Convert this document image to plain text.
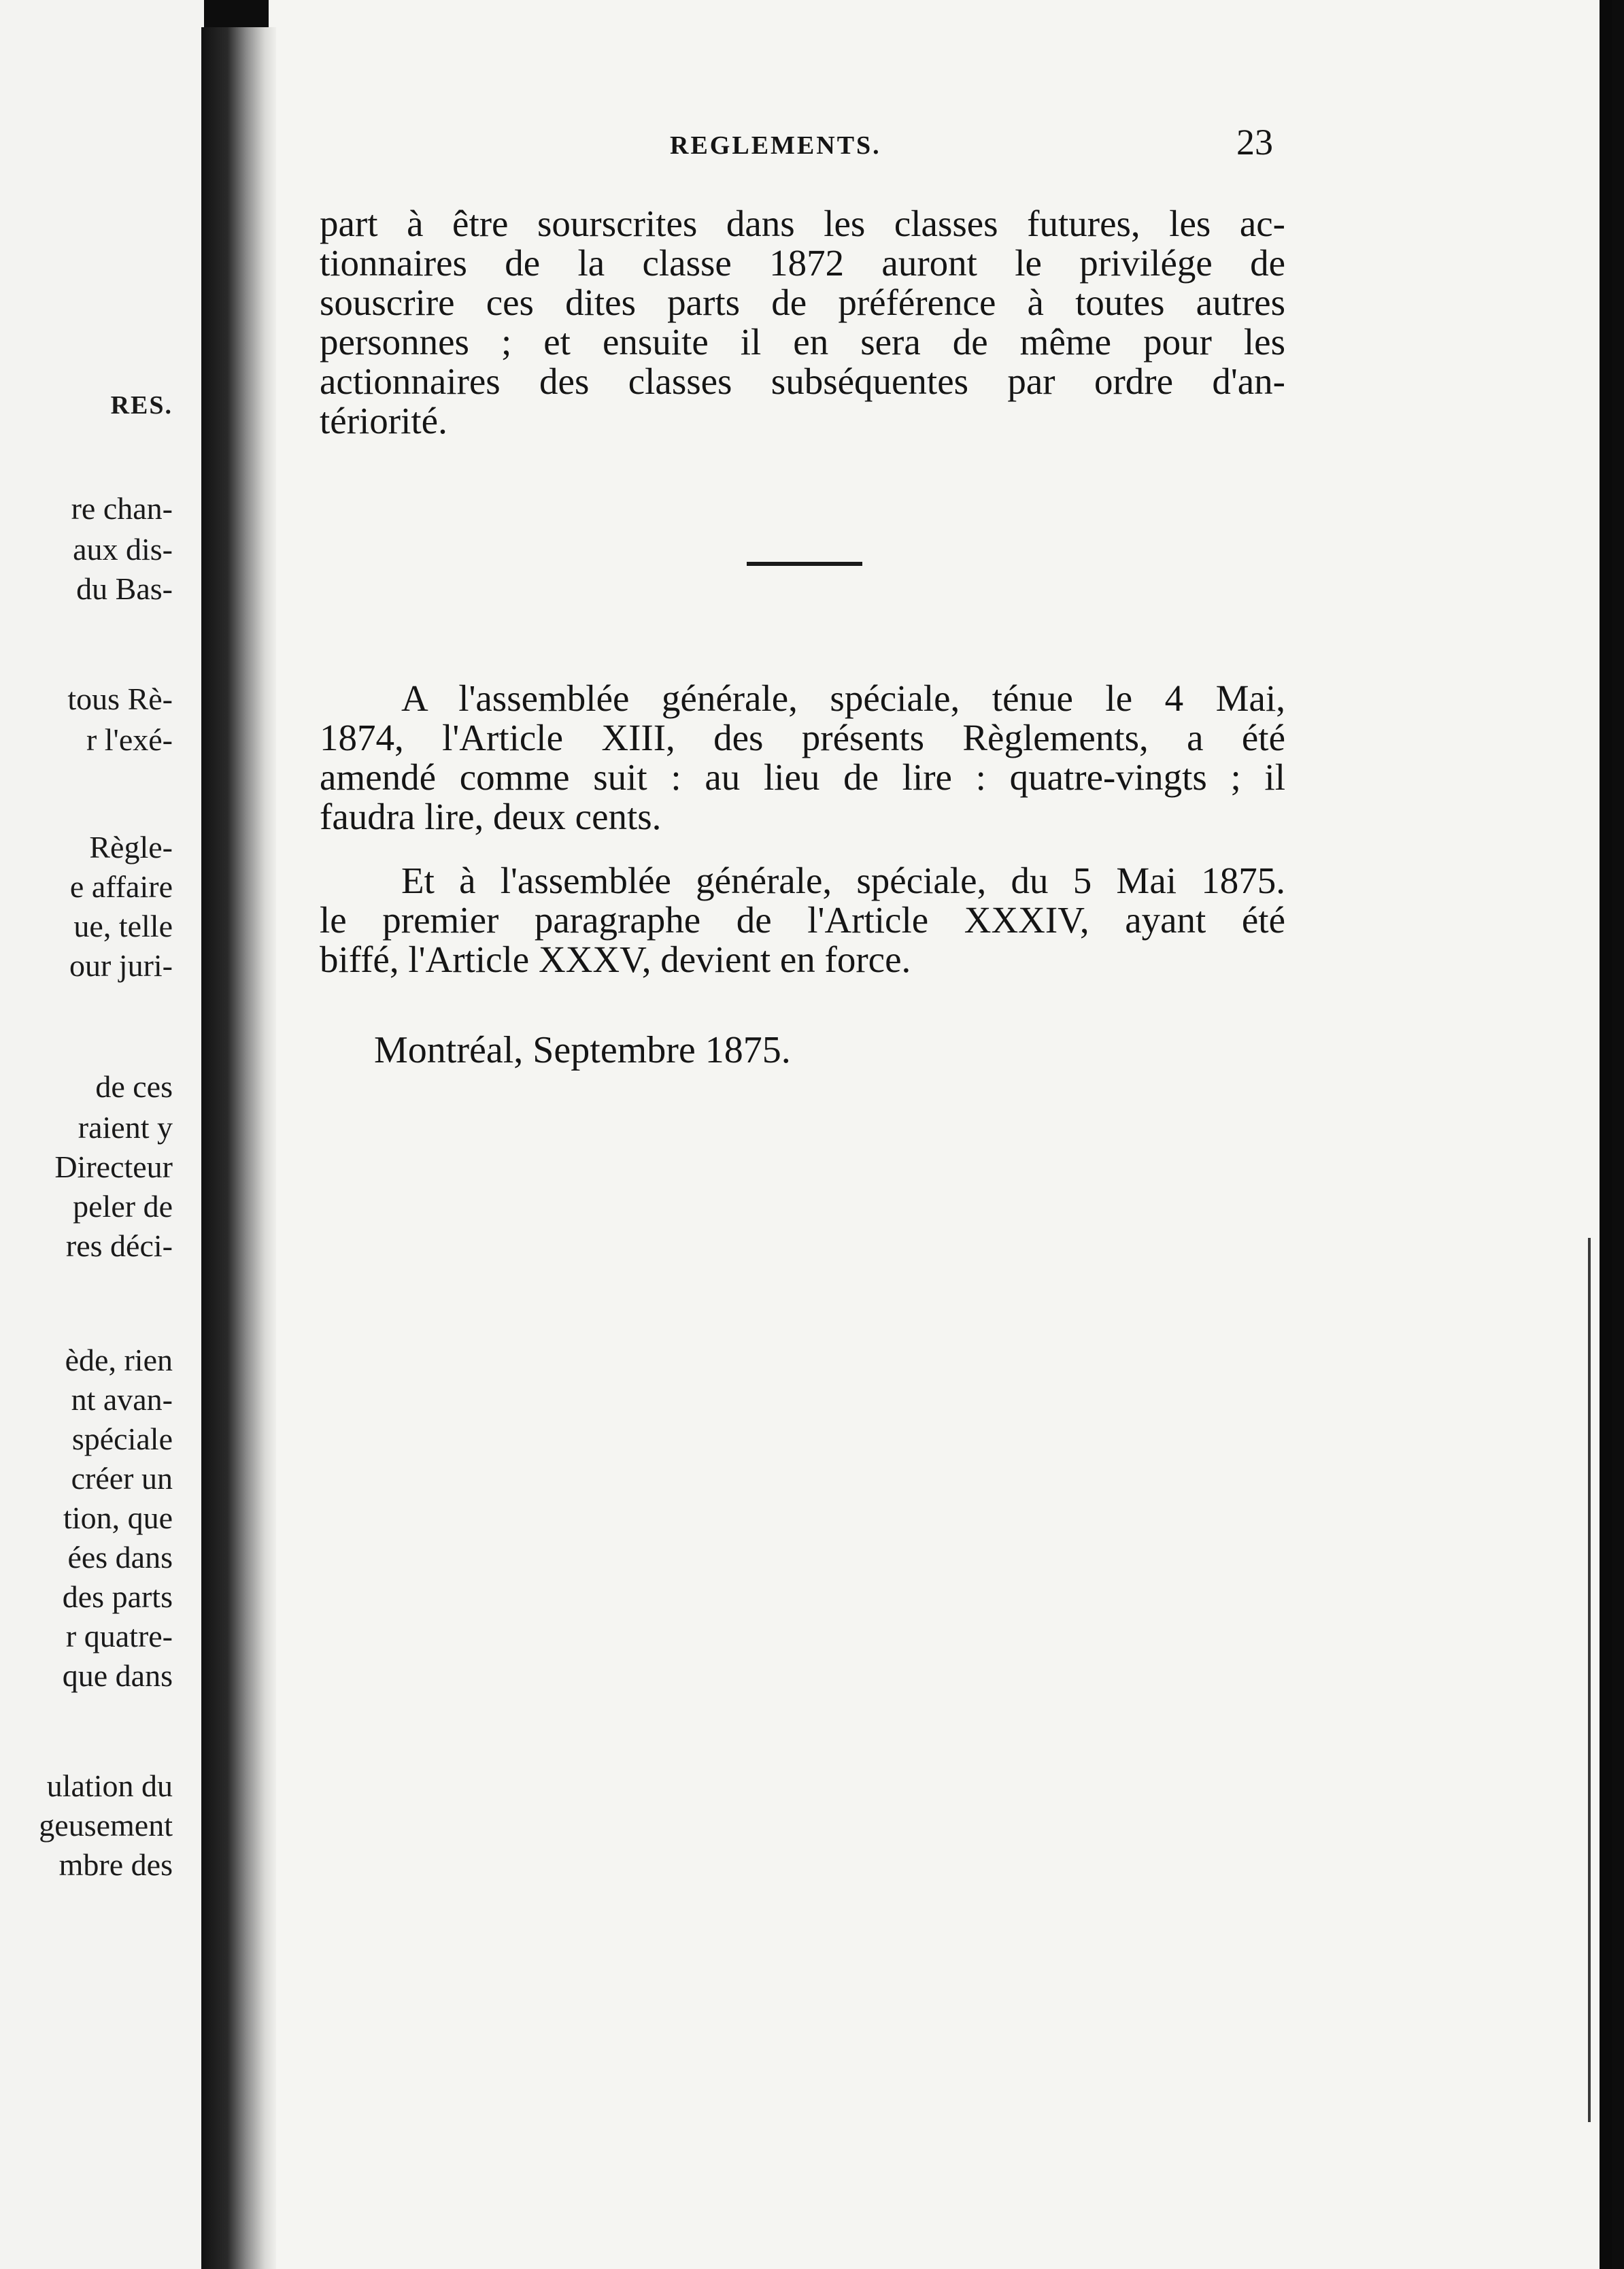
RES.
re chan-
aux dis-
du Bas-
tous Rè-
r l'exé-
Règle-
e affaire
ue, telle
our juri-
de ces
raient y
Directeur
peler de
res déci-
ède, rien
nt avan-
spéciale
créer un
tion, que
ées dans
des parts
r quatre-
que dans
ulation du
geusement
mbre des
REGLEMENTS.	23
part à être sourscrites dans les classes futures, les ac-
tionnaires de la classe 1872 auront le privilége de
souscrire ces dites parts de préférence à toutes autres
personnes ; et ensuite il en sera de même pour les
actionnaires des classes subséquentes par ordre d'an-
tériorité.
A l'assemblée générale, spéciale, ténue le 4 Mai,
1874, l'Article XIII, des présents Règlements, a été
amendé comme suit : au lieu de lire : quatre-vingts ; il
faudra lire, deux cents.
Et à l'assemblée générale, spéciale, du 5 Mai 1875.
le premier paragraphe de l'Article XXXIV, ayant été
biffé, l'Article XXXV, devient en force.
Montréal, Septembre 1875.
